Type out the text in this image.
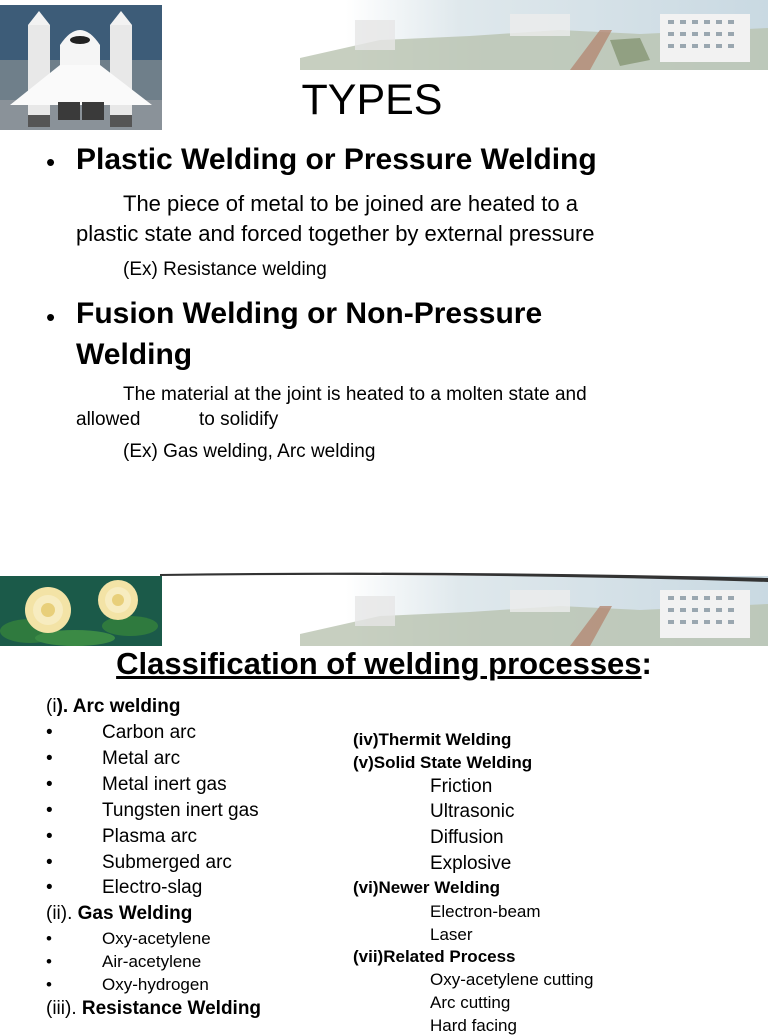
TYPES
• Plastic Welding or Pressure Welding
The piece of metal to be joined are heated to a
plastic state and forced together by external pressure
(Ex) Resistance welding
• Fusion Welding or Non-Pressure
Welding
The material at the joint is heated to a molten state and
allowed	to solidify
(Ex) Gas welding, Arc welding
Classification of welding processes:
(i). Arc welding
•	Carbon arc
•	Metal arc
•	Metal inert gas
•	Tungsten inert gas
•	Plasma arc
•	Submerged arc
•	Electro-slag
(ii). Gas Welding
•	Oxy-acetylene
•	Air-acetylene
•	Oxy-hydrogen
(iii). Resistance Welding
(iv)Thermit Welding
(v)Solid State Welding
Friction
Ultrasonic
Diffusion
Explosive
(vi)Newer Welding
Electron-beam
Laser
(vii)Related Process
Oxy-acetylene cutting
Arc cutting
Hard facing
